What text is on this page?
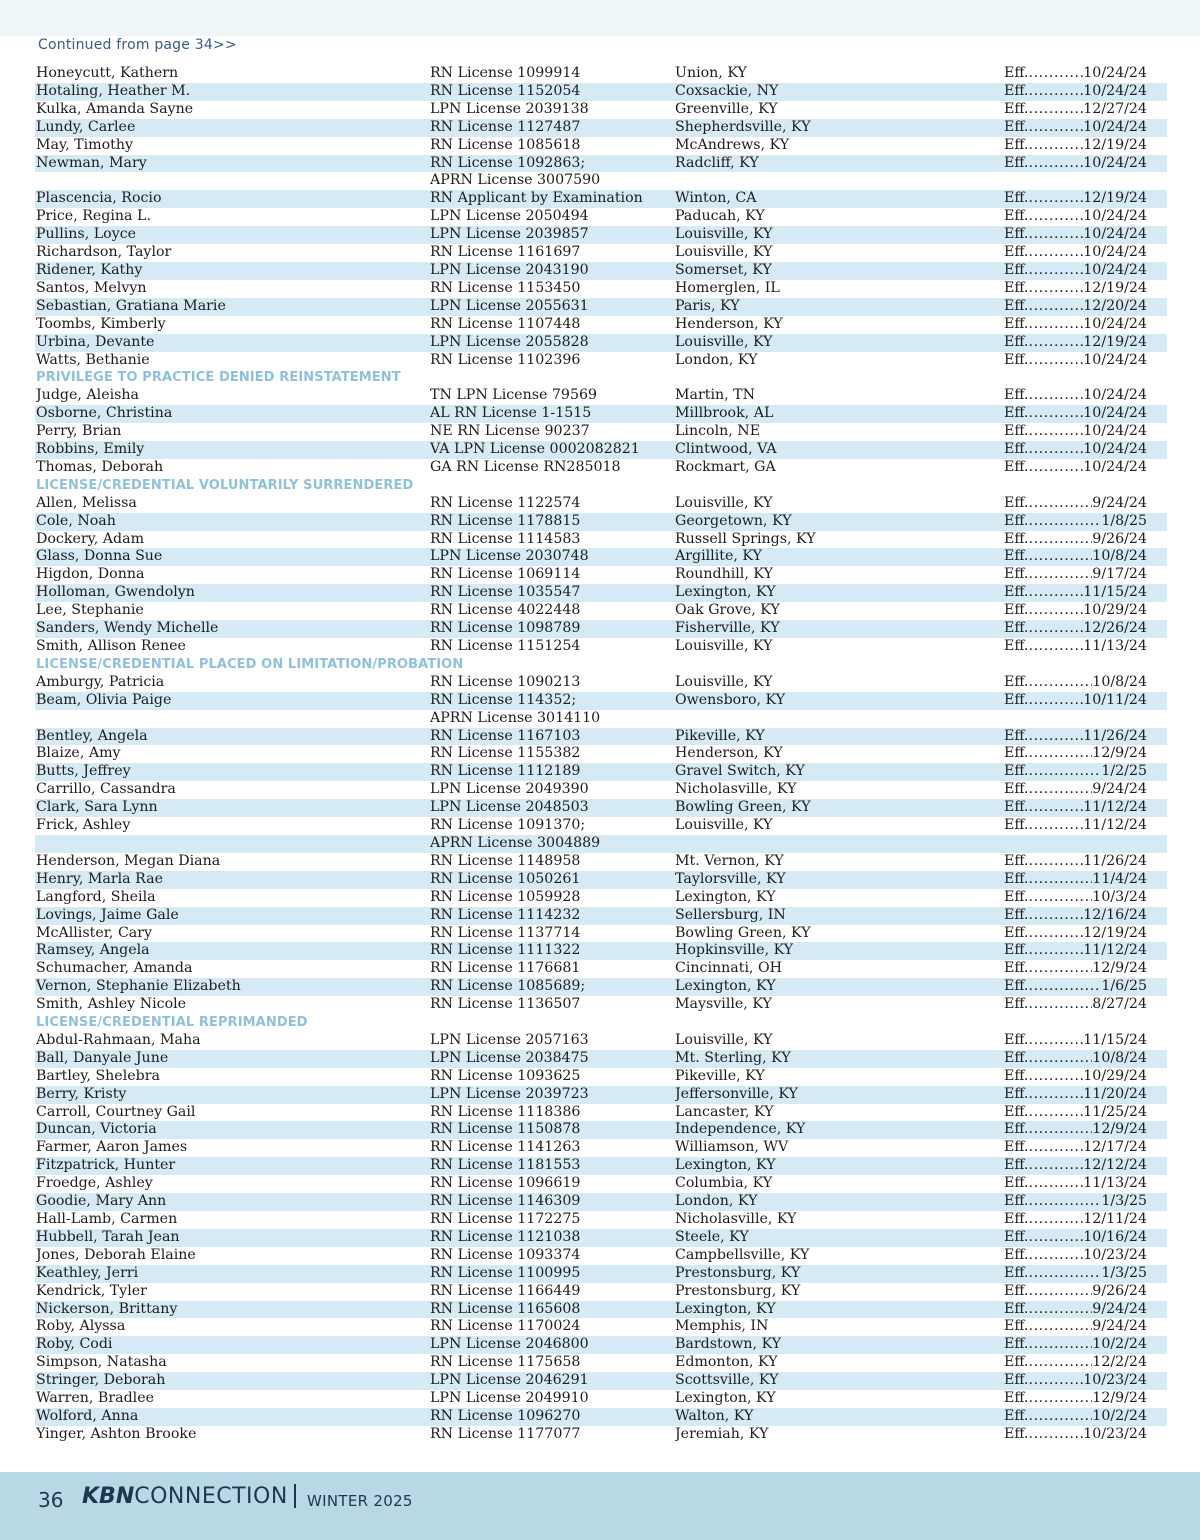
Continued from page 34>>
Honeycutt, Kathern	RN License 1099914	Union, KY	Eff. .....	10/24/24
Hotaling, Heather M.	RN License 1152054	Coxsackie, NY	Eff. .....	10/24/24
Kulka, Amanda Sayne	LPN License 2039138	Greenville, KY	Eff. .....	12/27/24
Lundy, Carlee	RN License 1127487	Shepherdsville, KY	Eff. .....	10/24/24
May, Timothy	RN License 1085618	McAndrews, KY	Eff. .....	12/19/24
Newman, Mary	RN License 1092863;	Radcliff, KY	Eff. .....	10/24/24
APRN License 3007590
Plascencia, Rocio	RN Applicant by Examination	Winton, CA	Eff. .....	12/19/24
Price, Regina L.	LPN License 2050494	Paducah, KY	Eff. .....	10/24/24
Pullins, Loyce	LPN License 2039857	Louisville, KY	Eff. .....	10/24/24
Richardson, Taylor	RN License 1161697	Louisville, KY	Eff. .....	10/24/24
Ridener, Kathy	LPN License 2043190	Somerset, KY	Eff. .....	10/24/24
Santos, Melvyn	RN License 1153450	Homerglen, IL	Eff. .....	12/19/24
Sebastian, Gratiana Marie	LPN License 2055631	Paris, KY	Eff. .....	12/20/24
Toombs, Kimberly	RN License 1107448	Henderson, KY	Eff. .....	10/24/24
Urbina, Devante	LPN License 2055828	Louisville, KY	Eff. .....	12/19/24
Watts, Bethanie	RN License 1102396	London, KY	Eff. .....	10/24/24
PRIVILEGE TO PRACTICE DENIED REINSTATEMENT
Judge, Aleisha	TN LPN License 79569	Martin, TN	Eff. .....	10/24/24
Osborne, Christina	AL RN License 1-1515	Millbrook, AL	Eff. .....	10/24/24
Perry, Brian	NE RN License 90237	Lincoln, NE	Eff. .....	10/24/24
Robbins, Emily	VA LPN License 0002082821	Clintwood, VA	Eff. .....	10/24/24
Thomas, Deborah	GA RN License RN285018	Rockmart, GA	Eff. .....	10/24/24
LICENSE/CREDENTIAL VOLUNTARILY SURRENDERED
Allen, Melissa	RN License 1122574	Louisville, KY	Eff. .....	9/24/24
Cole, Noah	RN License 1178815	Georgetown, KY	Eff. .....	1/8/25
Dockery, Adam	RN License 1114583	Russell Springs, KY	Eff. .....	9/26/24
Glass, Donna Sue	LPN License 2030748	Argillite, KY	Eff. .....	10/8/24
Higdon, Donna	RN License 1069114	Roundhill, KY	Eff. .....	9/17/24
Holloman, Gwendolyn	RN License 1035547	Lexington, KY	Eff. .....	11/15/24
Lee, Stephanie	RN License 4022448	Oak Grove, KY	Eff. .....	10/29/24
Sanders, Wendy Michelle	RN License 1098789	Fisherville, KY	Eff. .....	12/26/24
Smith, Allison Renee	RN License 1151254	Louisville, KY	Eff. .....	11/13/24
LICENSE/CREDENTIAL PLACED ON LIMITATION/PROBATION
Amburgy, Patricia	RN License 1090213	Louisville, KY	Eff. .....	10/8/24
Beam, Olivia Paige	RN License 114352;	Owensboro, KY	Eff. .....	10/11/24
APRN License 3014110
Bentley, Angela	RN License 1167103	Pikeville, KY	Eff. .....	11/26/24
Blaize, Amy	RN License 1155382	Henderson, KY	Eff. .....	12/9/24
Butts, Jeffrey	RN License 1112189	Gravel Switch, KY	Eff. .....	1/2/25
Carrillo, Cassandra	LPN License 2049390	Nicholasville, KY	Eff. .....	9/24/24
Clark, Sara Lynn	LPN License 2048503	Bowling Green, KY	Eff. .....	11/12/24
Frick, Ashley	RN License 1091370;	Louisville, KY	Eff. .....	11/12/24
APRN License 3004889
Henderson, Megan Diana	RN License 1148958	Mt. Vernon, KY	Eff. .....	11/26/24
Henry, Marla Rae	RN License 1050261	Taylorsville, KY	Eff. .....	11/4/24
Langford, Sheila	RN License 1059928	Lexington, KY	Eff. .....	10/3/24
Lovings, Jaime Gale	RN License 1114232	Sellersburg, IN	Eff. .....	12/16/24
McAllister, Cary	RN License 1137714	Bowling Green, KY	Eff. .....	12/19/24
Ramsey, Angela	RN License 1111322	Hopkinsville, KY	Eff. .....	11/12/24
Schumacher, Amanda	RN License 1176681	Cincinnati, OH	Eff. .....	12/9/24
Vernon, Stephanie Elizabeth	RN License 1085689;	Lexington, KY	Eff. .....	1/6/25
Smith, Ashley Nicole	RN License 1136507	Maysville, KY	Eff. .....	8/27/24
LICENSE/CREDENTIAL REPRIMANDED
Abdul-Rahmaan, Maha	LPN License 2057163	Louisville, KY	Eff. .....	11/15/24
Ball, Danyale June	LPN License 2038475	Mt. Sterling, KY	Eff. .....	10/8/24
Bartley, Shelebra	RN License 1093625	Pikeville, KY	Eff. .....	10/29/24
Berry, Kristy	LPN License 2039723	Jeffersonville, KY	Eff. .....	11/20/24
Carroll, Courtney Gail	RN License 1118386	Lancaster, KY	Eff. .....	11/25/24
Duncan, Victoria	RN License 1150878	Independence, KY	Eff. .....	12/9/24
Farmer, Aaron James	RN License 1141263	Williamson, WV	Eff. .....	12/17/24
Fitzpatrick, Hunter	RN License 1181553	Lexington, KY	Eff. .....	12/12/24
Froedge, Ashley	RN License 1096619	Columbia, KY	Eff. .....	11/13/24
Goodie, Mary Ann	RN License 1146309	London, KY	Eff. .....	1/3/25
Hall-Lamb, Carmen	RN License 1172275	Nicholasville, KY	Eff. .....	12/11/24
Hubbell, Tarah Jean	RN License 1121038	Steele, KY	Eff. .....	10/16/24
Jones, Deborah Elaine	RN License 1093374	Campbellsville, KY	Eff. .....	10/23/24
Keathley, Jerri	RN License 1100995	Prestonsburg, KY	Eff. .....	1/3/25
Kendrick, Tyler	RN License 1166449	Prestonsburg, KY	Eff. .....	9/26/24
Nickerson, Brittany	RN License 1165608	Lexington, KY	Eff. .....	9/24/24
Roby, Alyssa	RN License 1170024	Memphis, IN	Eff. .....	9/24/24
Roby, Codi	LPN License 2046800	Bardstown, KY	Eff. .....	10/2/24
Simpson, Natasha	RN License 1175658	Edmonton, KY	Eff. .....	12/2/24
Stringer, Deborah	LPN License 2046291	Scottsville, KY	Eff. .....	10/23/24
Warren, Bradlee	LPN License 2049910	Lexington, KY	Eff. .....	12/9/24
Wolford, Anna	RN License 1096270	Walton, KY	Eff. .....	10/2/24
Yinger, Ashton Brooke	RN License 1177077	Jeremiah, KY	Eff. .....	10/23/24
36 KBNCONNECTION WINTER 2025
